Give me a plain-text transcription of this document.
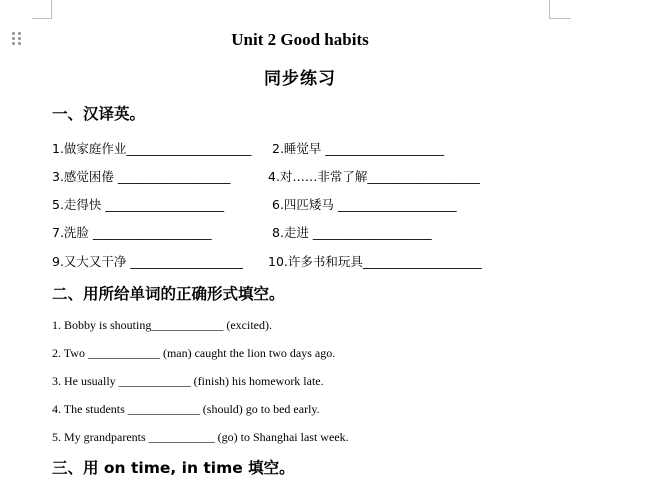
Unit 2 Good habits
同步练习
一、汉译英。
1.做家庭作业____________________ 2.睡觉早 ___________________
3.感觉困倦 __________________	4.对……非常了解__________________
5.走得快 ___________________	6.四匹矮马 ___________________
7.洗脸 ___________________	8.走进 ___________________
9.又大又干净 __________________ 10.许多书和玩具___________________
二、用所给单词的正确形式填空。
1. Bobby is shouting____________ (excited).
2. Two ____________ (man) caught the lion two days ago.
3. He usually ____________ (finish) his homework late.
4. The students ____________ (should) go to bed early.
5. My grandparents ___________ (go) to Shanghai last week.
三、用 on time, in time 填空。
